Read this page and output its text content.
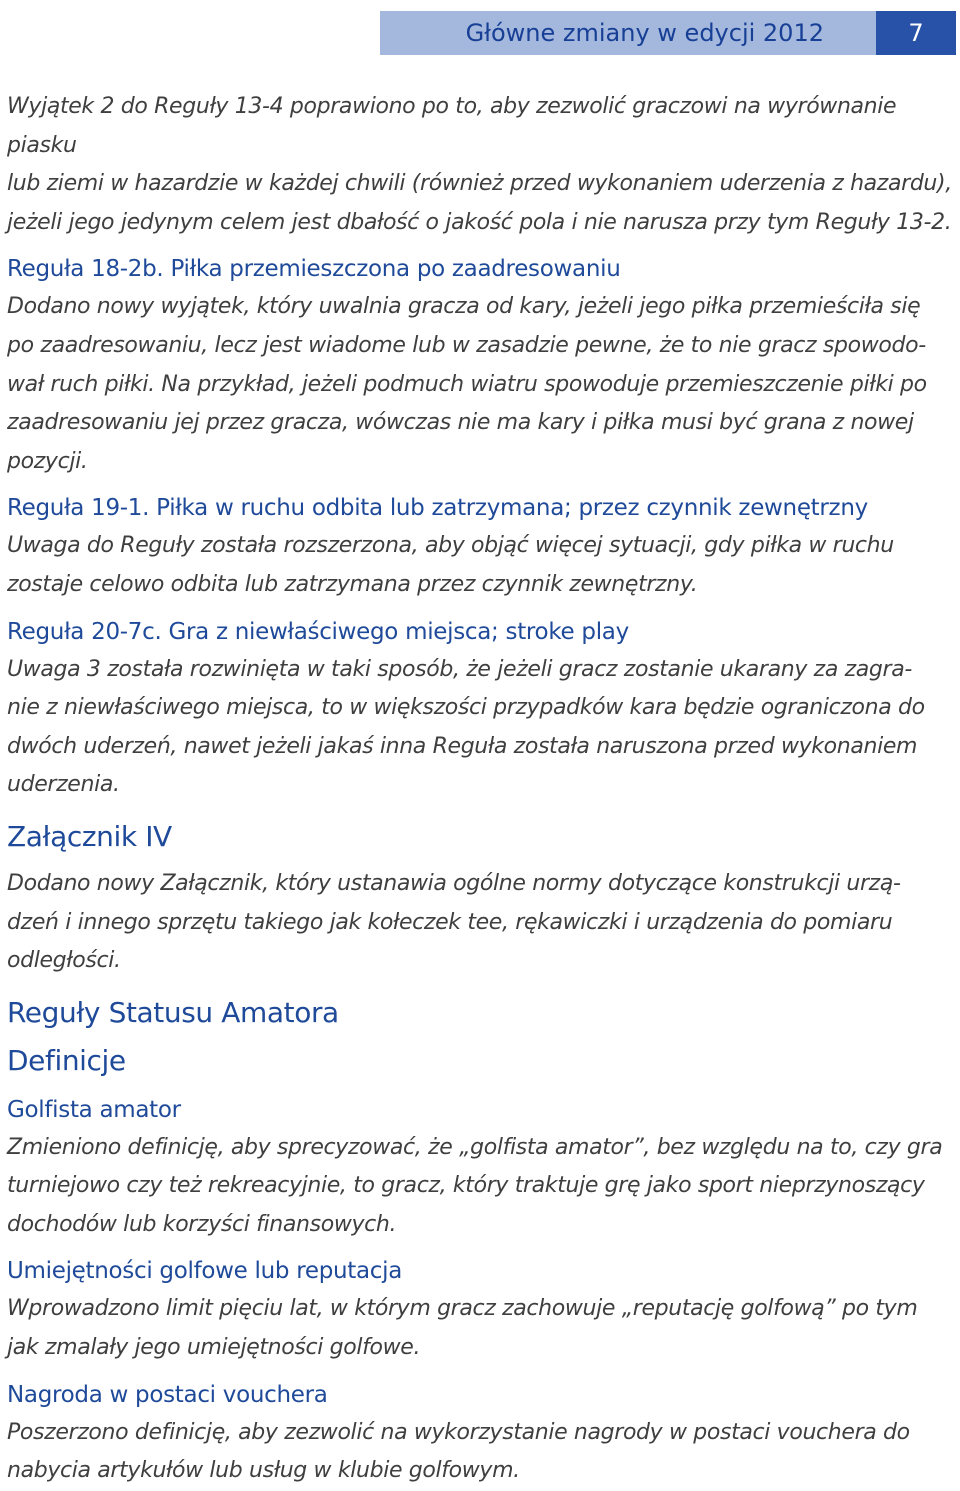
Główne zmiany w edycji 2012	7
Wyjątek 2 do Reguły 13-4 poprawiono po to, aby zezwolić graczowi na wyrównanie piasku
lub ziemi w hazardzie w każdej chwili (również przed wykonaniem uderzenia z hazardu),
jeżeli jego jedynym celem jest dbałość o jakość pola i nie narusza przy tym Reguły 13-2.
Reguła 18-2b. Piłka przemieszczona po zaadresowaniu
Dodano nowy wyjątek, który uwalnia gracza od kary, jeżeli jego piłka przemieściła się
po zaadresowaniu, lecz jest wiadome lub w zasadzie pewne, że to nie gracz spowodo-
wał ruch piłki. Na przykład, jeżeli podmuch wiatru spowoduje przemieszczenie piłki po
zaadresowaniu jej przez gracza, wówczas nie ma kary i piłka musi być grana z nowej
pozycji.
Reguła 19-1. Piłka w ruchu odbita lub zatrzymana; przez czynnik zewnętrzny
Uwaga do Reguły została rozszerzona, aby objąć więcej sytuacji, gdy piłka w ruchu
zostaje celowo odbita lub zatrzymana przez czynnik zewnętrzny.
Reguła 20-7c. Gra z niewłaściwego miejsca; stroke play
Uwaga 3 została rozwinięta w taki sposób, że jeżeli gracz zostanie ukarany za zagra-
nie z niewłaściwego miejsca, to w większości przypadków kara będzie ograniczona do
dwóch uderzeń, nawet jeżeli jakaś inna Reguła została naruszona przed wykonaniem
uderzenia.
Załącznik IV
Dodano nowy Załącznik, który ustanawia ogólne normy dotyczące konstrukcji urzą-
dzeń i innego sprzętu takiego jak kołeczek tee, rękawiczki i urządzenia do pomiaru
odległości.
Reguły Statusu Amatora
Definicje
Golfista amator
Zmieniono definicję, aby sprecyzować, że „golfista amator”, bez względu na to, czy gra
turniejowo czy też rekreacyjnie, to gracz, który traktuje grę jako sport nieprzynoszący
dochodów lub korzyści finansowych.
Umiejętności golfowe lub reputacja
Wprowadzono limit pięciu lat, w którym gracz zachowuje „reputację golfową” po tym
jak zmalały jego umiejętności golfowe.
Nagroda w postaci vouchera
Poszerzono definicję, aby zezwolić na wykorzystanie nagrody w postaci vouchera do
nabycia artykułów lub usług w klubie golfowym.
